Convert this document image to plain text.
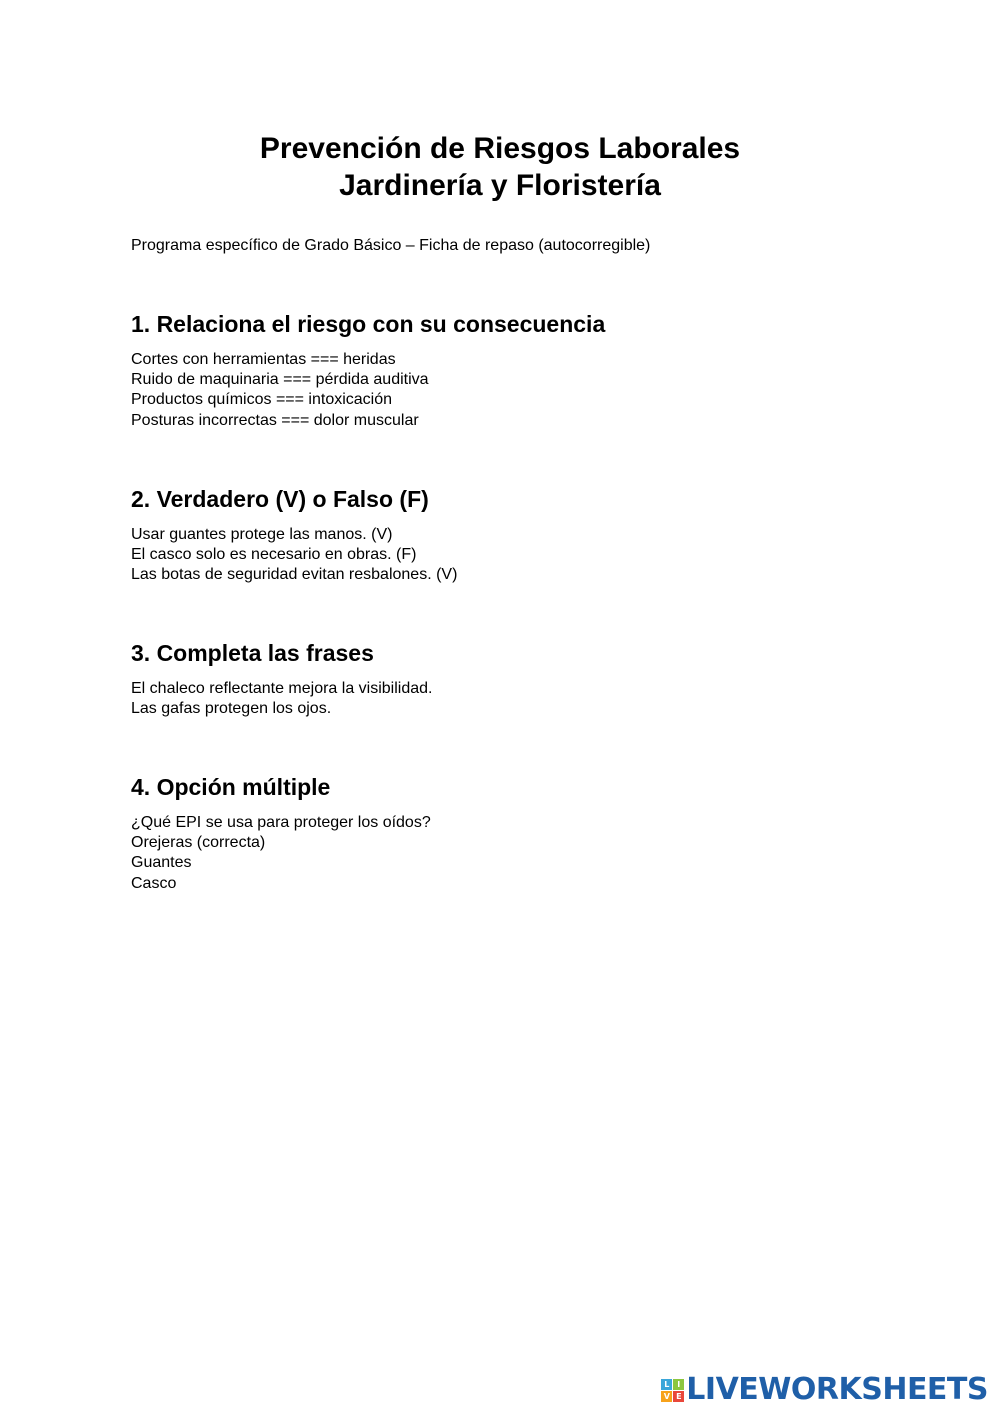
Prevención de Riesgos Laborales

Jardinería y Floristería

Programa específico de Grado Básico – Ficha de repaso (autocorregible)
1. Relaciona el riesgo con su consecuencia

Cortes con herramientas === heridas

Ruido de maquinaria === pérdida auditiva

Productos químicos === intoxicación

Posturas incorrectas === dolor muscular

2. Verdadero (V) o Falso (F)

Usar guantes protege las manos. (V)

El casco solo es necesario en obras. (F)

Las botas de seguridad evitan resbalones. (V)

3. Completa las frases

El chaleco reflectante mejora la visibilidad.

Las gafas protegen los ojos.

4. Opción múltiple

¿Qué EPI se usa para proteger los oídos?

Orejeras (correcta)

Guantes

Casco

L I
V E LIVEWORKSHEETS
